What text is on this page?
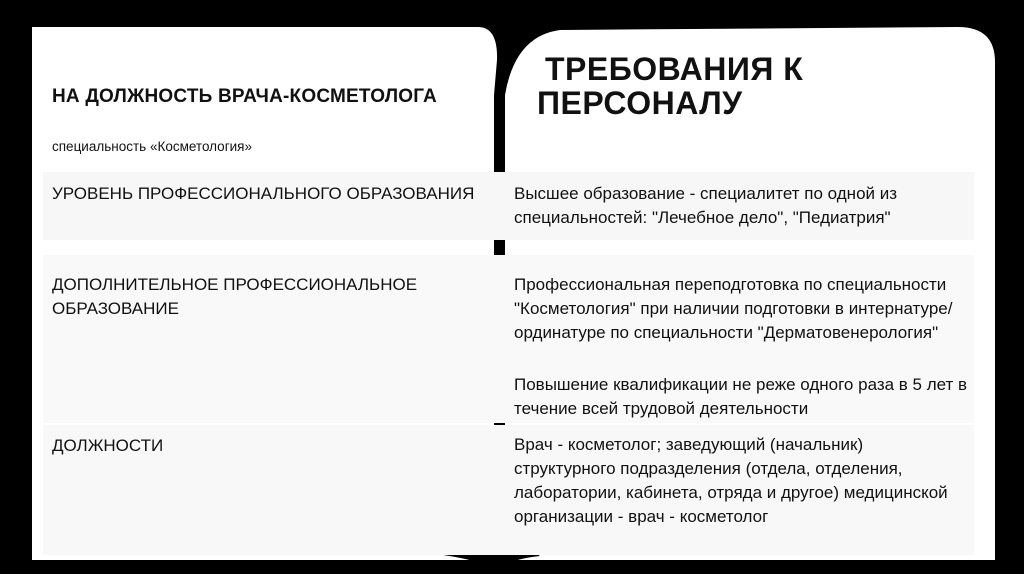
ТРЕБОВАНИЯ К
ПЕРСОНАЛУ

НА ДОЛЖНОСТЬ ВРАЧА-КОСМЕТОЛОГА

специальность «Косметология»

УРОВЕНЬ ПРОФЕССИОНАЛЬНОГО ОБРАЗОВАНИЯ	Высшее образование - специалитет по одной из специальностей: "Лечебное дело", "Педиатрия"

ДОПОЛНИТЕЛЬНОЕ ПРОФЕССИОНАЛЬНОЕ ОБРАЗОВАНИЕ

Профессиональная переподготовка по специальности "Косметология" при наличии подготовки в интернатуре/ординатуре по специальности "Дерматовенерология"

Повышение квалификации не реже одного раза в 5 лет в течение всей трудовой деятельности

ДОЛЖНОСТИ	Врач - косметолог; заведующий (начальник) структурного подразделения (отдела, отделения, лаборатории, кабинета, отряда и другое) медицинской организации - врач - косметолог
